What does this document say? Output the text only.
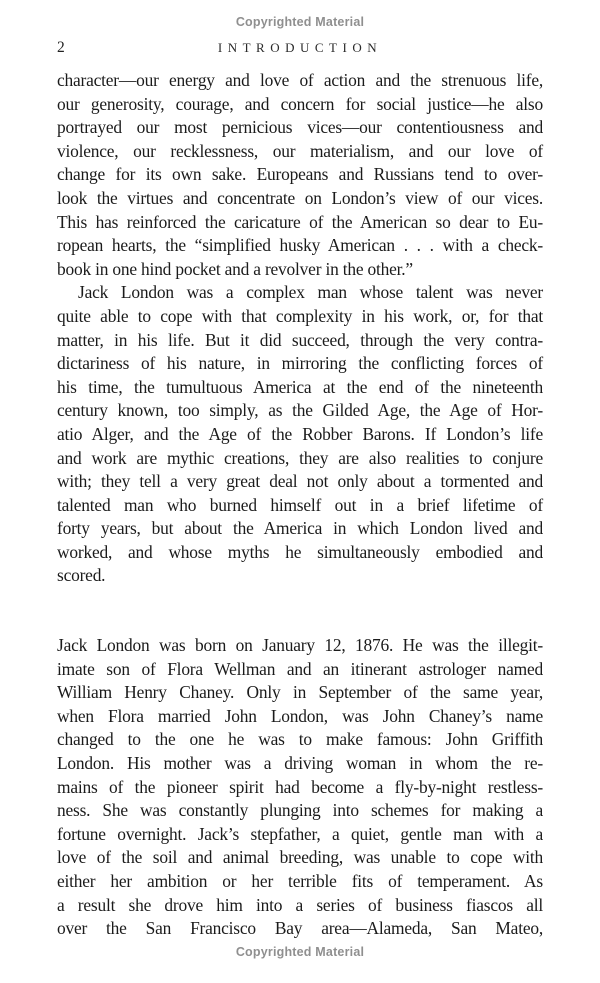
Copyrighted Material
2	INTRODUCTION
character—our energy and love of action and the strenuous life,
our generosity, courage, and concern for social justice—he also
portrayed our most pernicious vices—our contentiousness and
violence, our recklessness, our materialism, and our love of
change for its own sake. Europeans and Russians tend to over-
look the virtues and concentrate on London’s view of our vices.
This has reinforced the caricature of the American so dear to Eu-
ropean hearts, the “simplified husky American . . . with a check-
book in one hind pocket and a revolver in the other.”
Jack London was a complex man whose talent was never
quite able to cope with that complexity in his work, or, for that
matter, in his life. But it did succeed, through the very contra-
dictariness of his nature, in mirroring the conflicting forces of
his time, the tumultuous America at the end of the nineteenth
century known, too simply, as the Gilded Age, the Age of Hor-
atio Alger, and the Age of the Robber Barons. If London’s life
and work are mythic creations, they are also realities to conjure
with; they tell a very great deal not only about a tormented and
talented man who burned himself out in a brief lifetime of
forty years, but about the America in which London lived and
worked, and whose myths he simultaneously embodied and
scored.
Jack London was born on January 12, 1876. He was the illegit-
imate son of Flora Wellman and an itinerant astrologer named
William Henry Chaney. Only in September of the same year,
when Flora married John London, was John Chaney’s name
changed to the one he was to make famous: John Griffith
London. His mother was a driving woman in whom the re-
mains of the pioneer spirit had become a fly-by-night restless-
ness. She was constantly plunging into schemes for making a
fortune overnight. Jack’s stepfather, a quiet, gentle man with a
love of the soil and animal breeding, was unable to cope with
either her ambition or her terrible fits of temperament. As
a result she drove him into a series of business fiascos all
over the San Francisco Bay area—Alameda, San Mateo,
Copyrighted Material
